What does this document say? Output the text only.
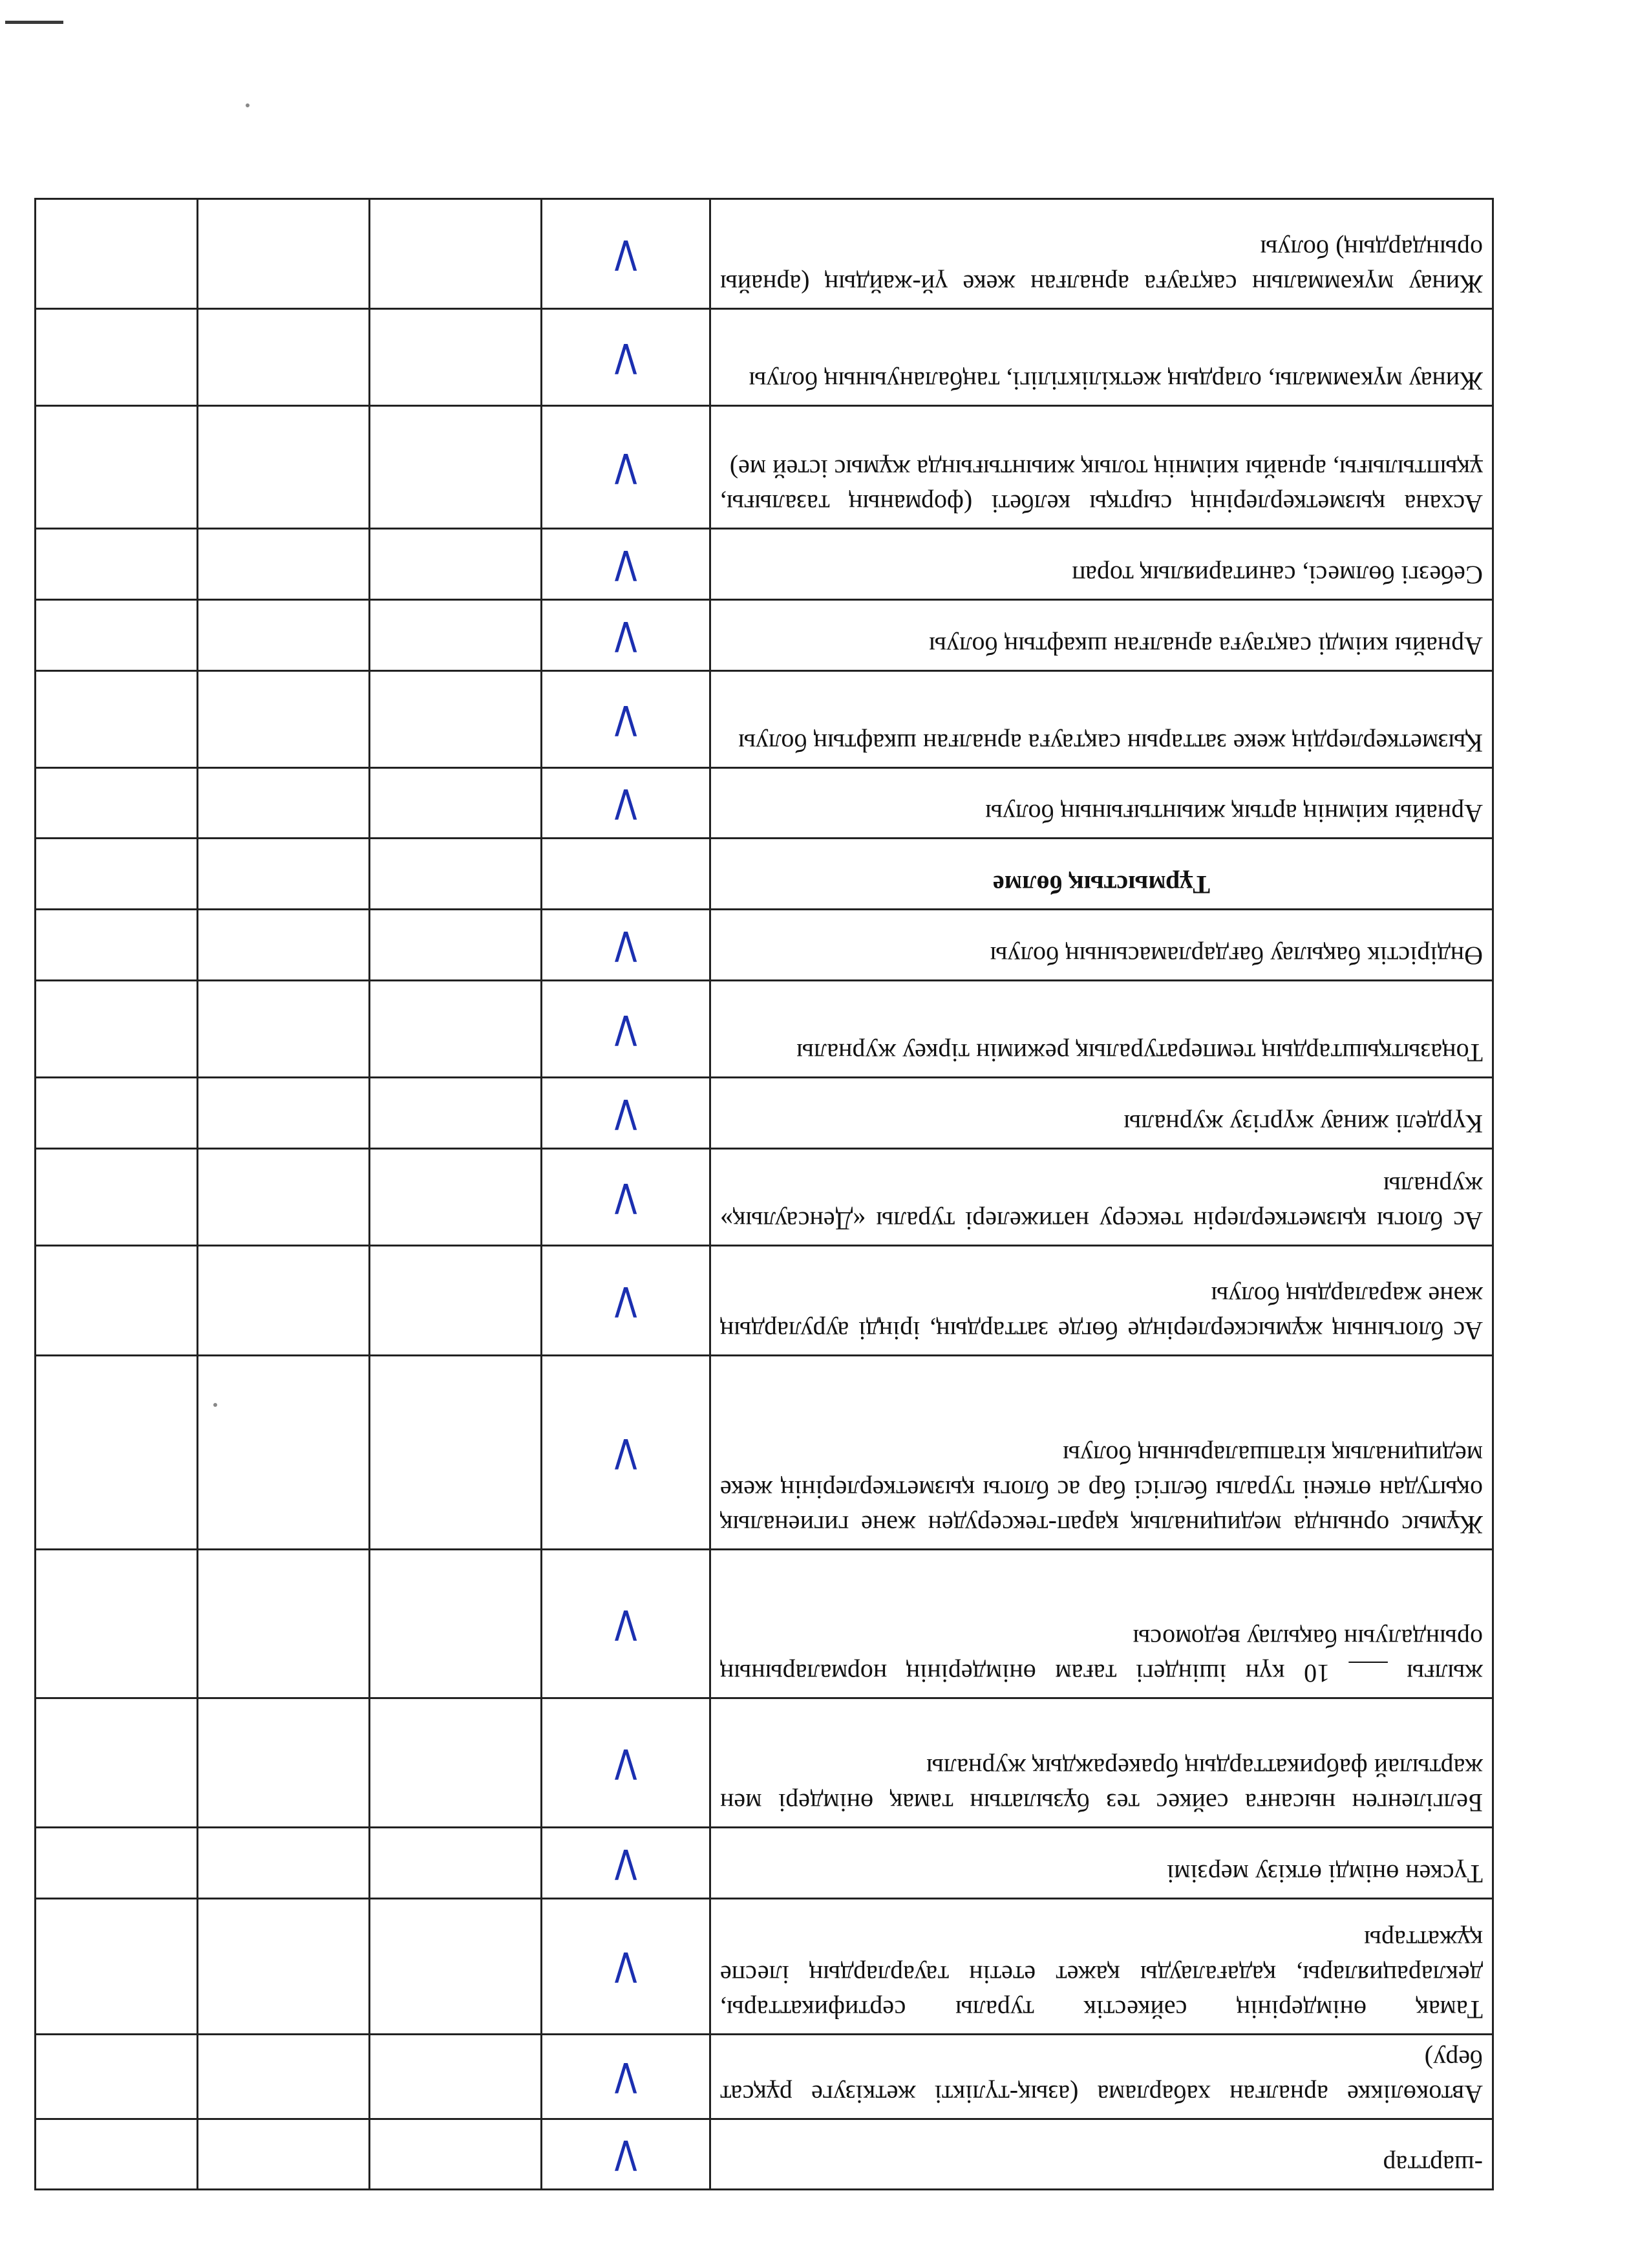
-шарттар	V			
Автокөлікке арналған хабарлама (азық-түлікті жеткізуге рұқсат беру)	V			
Тамақ өнімдерінің сәйкестік туралы сертификаттары, декларациялары, қадағалауды қажет ететін тауарлардың ілеспе құжаттары	V			
Түскен өнімді өткізу мерзімі	V			
Белгіленген нысанға сәйкес тез бұзылатын тамақ өнімдері мен жартылай фабрикаттардың бракераждық журналы	V			
жылғы ___ 10 күн ішіндегі тағам өнімдерінің нормаларының орындалуын бақылау ведомосы	V			
Жұмыс орнында медициналық қарап-тексеруден және гигиеналық оқытудан өткені туралы белгісі бар ас блогы қызметкерлерінің жеке медициналық кітапшаларының болуы	V			
Ас блогының жұмыскерлерінде бөгде заттардың, іріңді аурулардың және жаралардың болуы	V			
Ас блогы қызметкерлерін тексеру нәтижелері туралы «Денсаулық» журналы	V			
Күрделі жинау жүргізу журналы	V			
Тоңазытқыштардың температуралық режимін тіркеу журналы	V			
Өндірістік бақылау бағдарламасының болуы	V			
Тұрмыстық бөлме				
Арнайы киімнің артық жиынтығының болуы	V			
Қызметкерлердің жеке заттарын сақтауға арналған шкафтың болуы	V			
Арнайы киімді сақтауға арналған шкафтың болуы	V			
Себезгі бөлмесі, санитариялық торап	V			
Асхана қызметкерлерінің сыртқы келбеті (форманың тазалығы, ұқыптылығы, арнайы киімнің толық жиынтығында жұмыс істей ме)	V			
Жинау мүкәммалы, олардың жеткіліктілігі, таңбалануының болуы	V			
Жинау мүкәммалын сақтауға арналған жеке үй-жайдың (арнайы орындардың) болуы	V			
